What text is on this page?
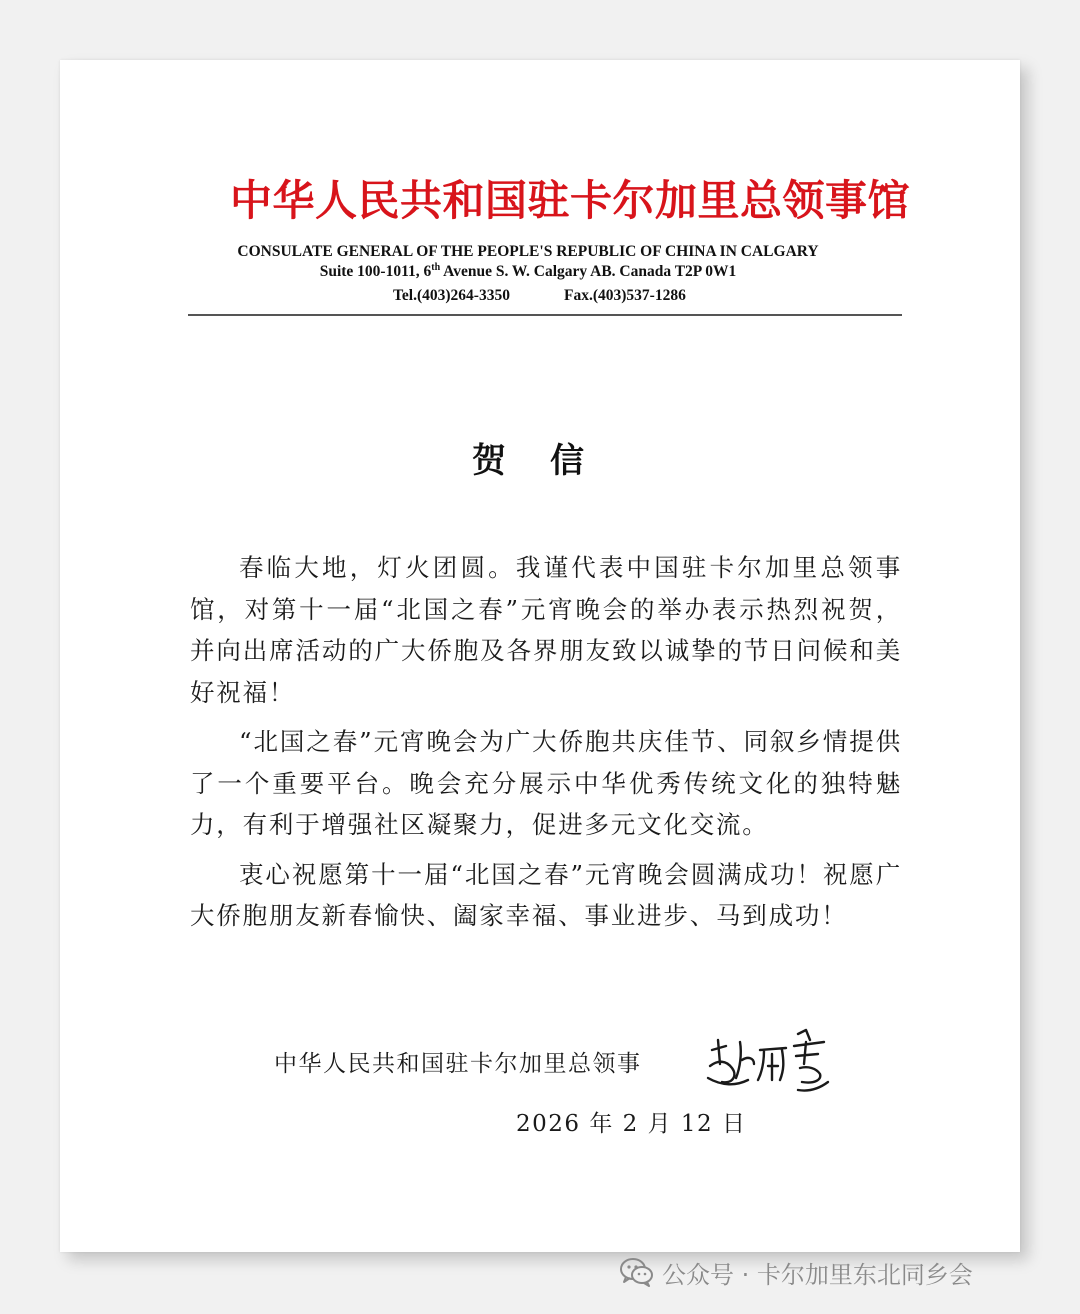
中华人民共和国驻卡尔加里总领事馆
CONSULATE GENERAL OF THE PEOPLE'S REPUBLIC OF CHINA IN CALGARY
Suite 100-1011, 6th Avenue S. W. Calgary AB. Canada T2P 0W1
Tel.(403)264-3350	Fax.(403)537-1286
贺信

春临大地，灯火团圆。我谨代表中国驻卡尔加里总领事馆，对第十一届“北国之春”元宵晚会的举办表示热烈祝贺，并向出席活动的广大侨胞及各界朋友致以诚挚的节日问候和美好祝福！

“北国之春”元宵晚会为广大侨胞共庆佳节、同叙乡情提供了一个重要平台。晚会充分展示中华优秀传统文化的独特魅力，有利于增强社区凝聚力，促进多元文化交流。

衷心祝愿第十一届“北国之春”元宵晚会圆满成功！祝愿广大侨胞朋友新春愉快、阖家幸福、事业进步、马到成功！

中华人民共和国驻卡尔加里总领事
2026 年 2 月 12 日
公众号 · 卡尔加里东北同乡会
